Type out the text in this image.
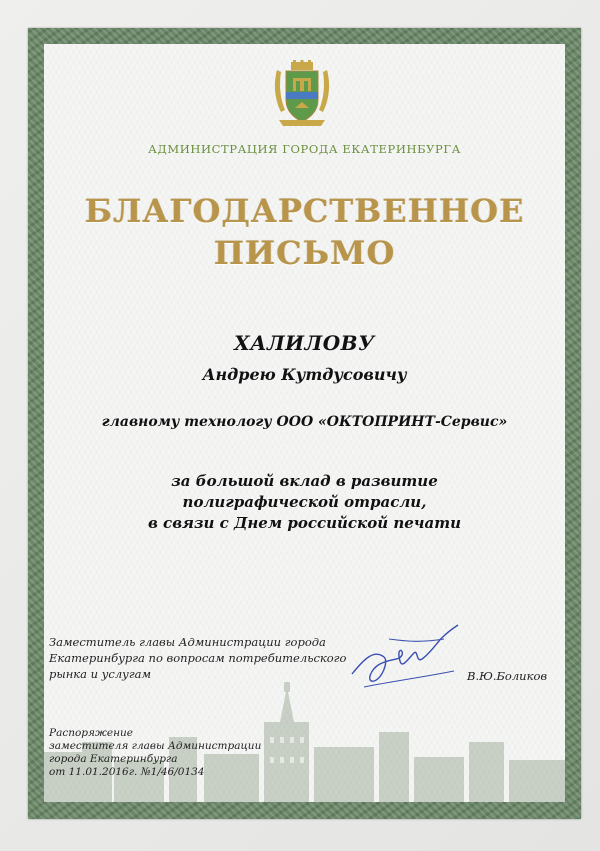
АДМИНИСТРАЦИЯ ГОРОДА ЕКАТЕРИНБУРГА
БЛАГОДАРСТВЕННОЕ
ПИСЬМО
ХАЛИЛОВУ
Андрею Кутдусовичу
главному технологу ООО «ОКТОПРИНТ-Сервис»
за большой вклад в развитие
полиграфической отрасли,
в связи с Днем российской печати
Заместитель главы Администрации города
Екатеринбурга по вопросам потребительского
рынка и услугам	В.Ю.Боликов
Распоряжение
заместителя главы Администрации
города Екатеринбурга
от 11.01.2016г. №1/46/0134
